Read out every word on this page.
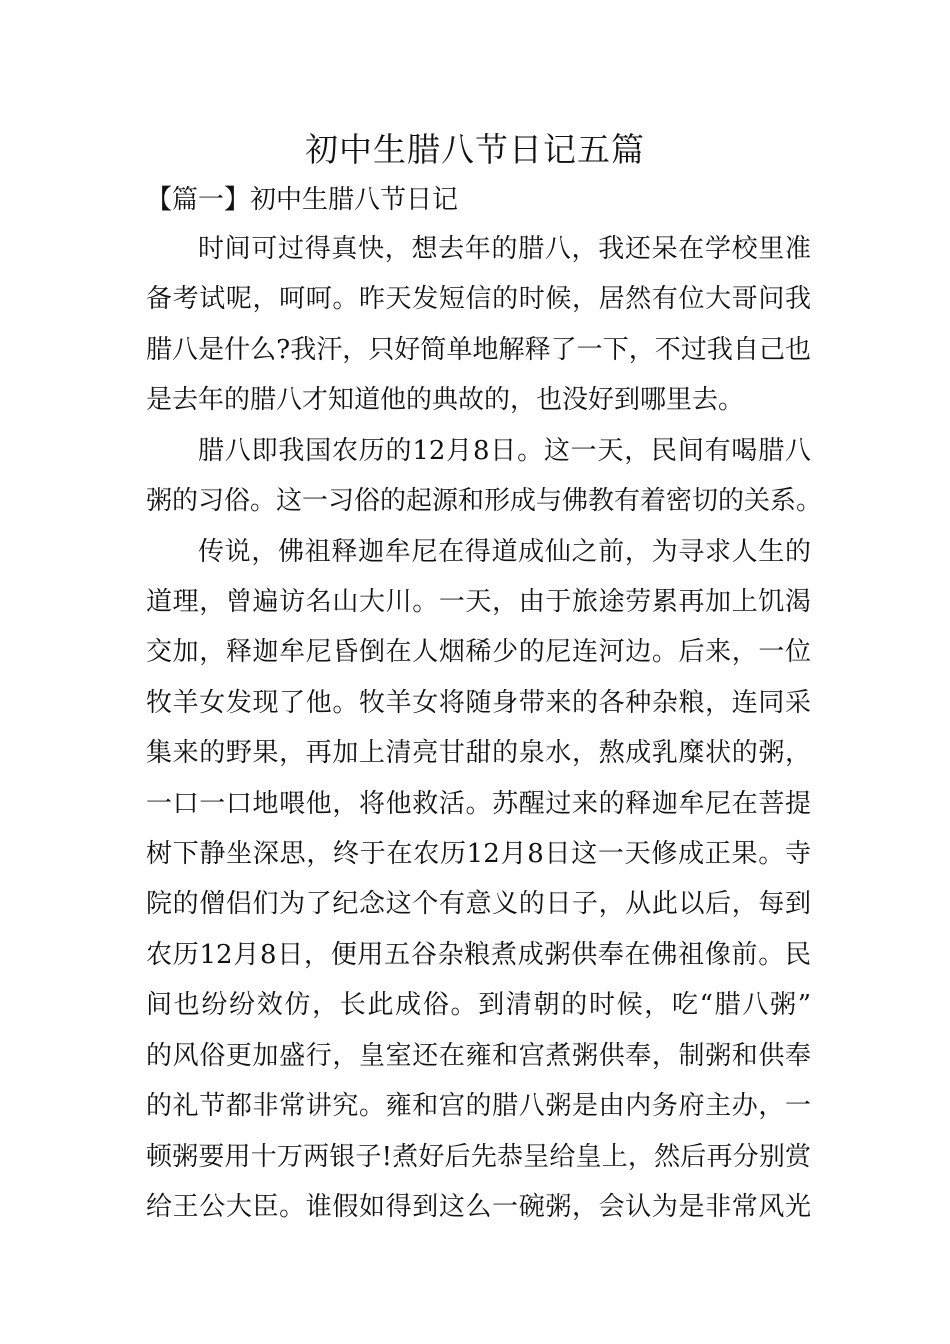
初中生腊八节日记五篇
【篇一】初中生腊八节日记
时间可过得真快，想去年的腊八，我还呆在学校里准
备考试呢，呵呵。昨天发短信的时候，居然有位大哥问我
腊八是什么?我汗，只好简单地解释了一下，不过我自己也
是去年的腊八才知道他的典故的，也没好到哪里去。
腊八即我国农历的12月8日。这一天，民间有喝腊八
粥的习俗。这一习俗的起源和形成与佛教有着密切的关系。
传说，佛祖释迦牟尼在得道成仙之前，为寻求人生的
道理，曾遍访名山大川。一天，由于旅途劳累再加上饥渴
交加，释迦牟尼昏倒在人烟稀少的尼连河边。后来，一位
牧羊女发现了他。牧羊女将随身带来的各种杂粮，连同采
集来的野果，再加上清亮甘甜的泉水，熬成乳糜状的粥，
一口一口地喂他，将他救活。苏醒过来的释迦牟尼在菩提
树下静坐深思，终于在农历12月8日这一天修成正果。寺
院的僧侣们为了纪念这个有意义的日子，从此以后，每到
农历12月8日，便用五谷杂粮煮成粥供奉在佛祖像前。民
间也纷纷效仿，长此成俗。到清朝的时候，吃“腊八粥”
的风俗更加盛行，皇室还在雍和宫煮粥供奉，制粥和供奉
的礼节都非常讲究。雍和宫的腊八粥是由内务府主办，一
顿粥要用十万两银子!煮好后先恭呈给皇上，然后再分别赏
给王公大臣。谁假如得到这么一碗粥，会认为是非常风光
